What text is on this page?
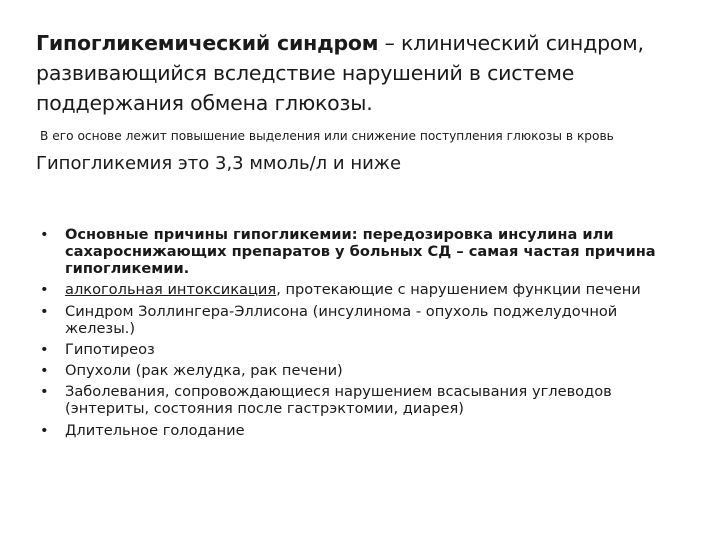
Гипогликемический синдром – клинический синдром, развивающийся вследствие нарушений в системе поддержания обмена глюкозы.
В его основе лежит повышение выделения или снижение поступления глюкозы в кровь
Гипогликемия это 3,3 ммоль/л и ниже
•	Основные причины гипогликемии: передозировка инсулина или сахароснижающих препаратов у больных СД – самая частая причина гипогликемии.
•	алкогольная интоксикация, протекающие с нарушением функции печени
•	Синдром Золлингера-Эллисона (инсулинома - опухоль поджелудочной железы.)
•	Гипотиреоз
•	Опухоли (рак желудка, рак печени)
•	Заболевания, сопровождающиеся нарушением всасывания углеводов (энтериты, состояния после гастрэктомии, диарея)
•	Длительное голодание
